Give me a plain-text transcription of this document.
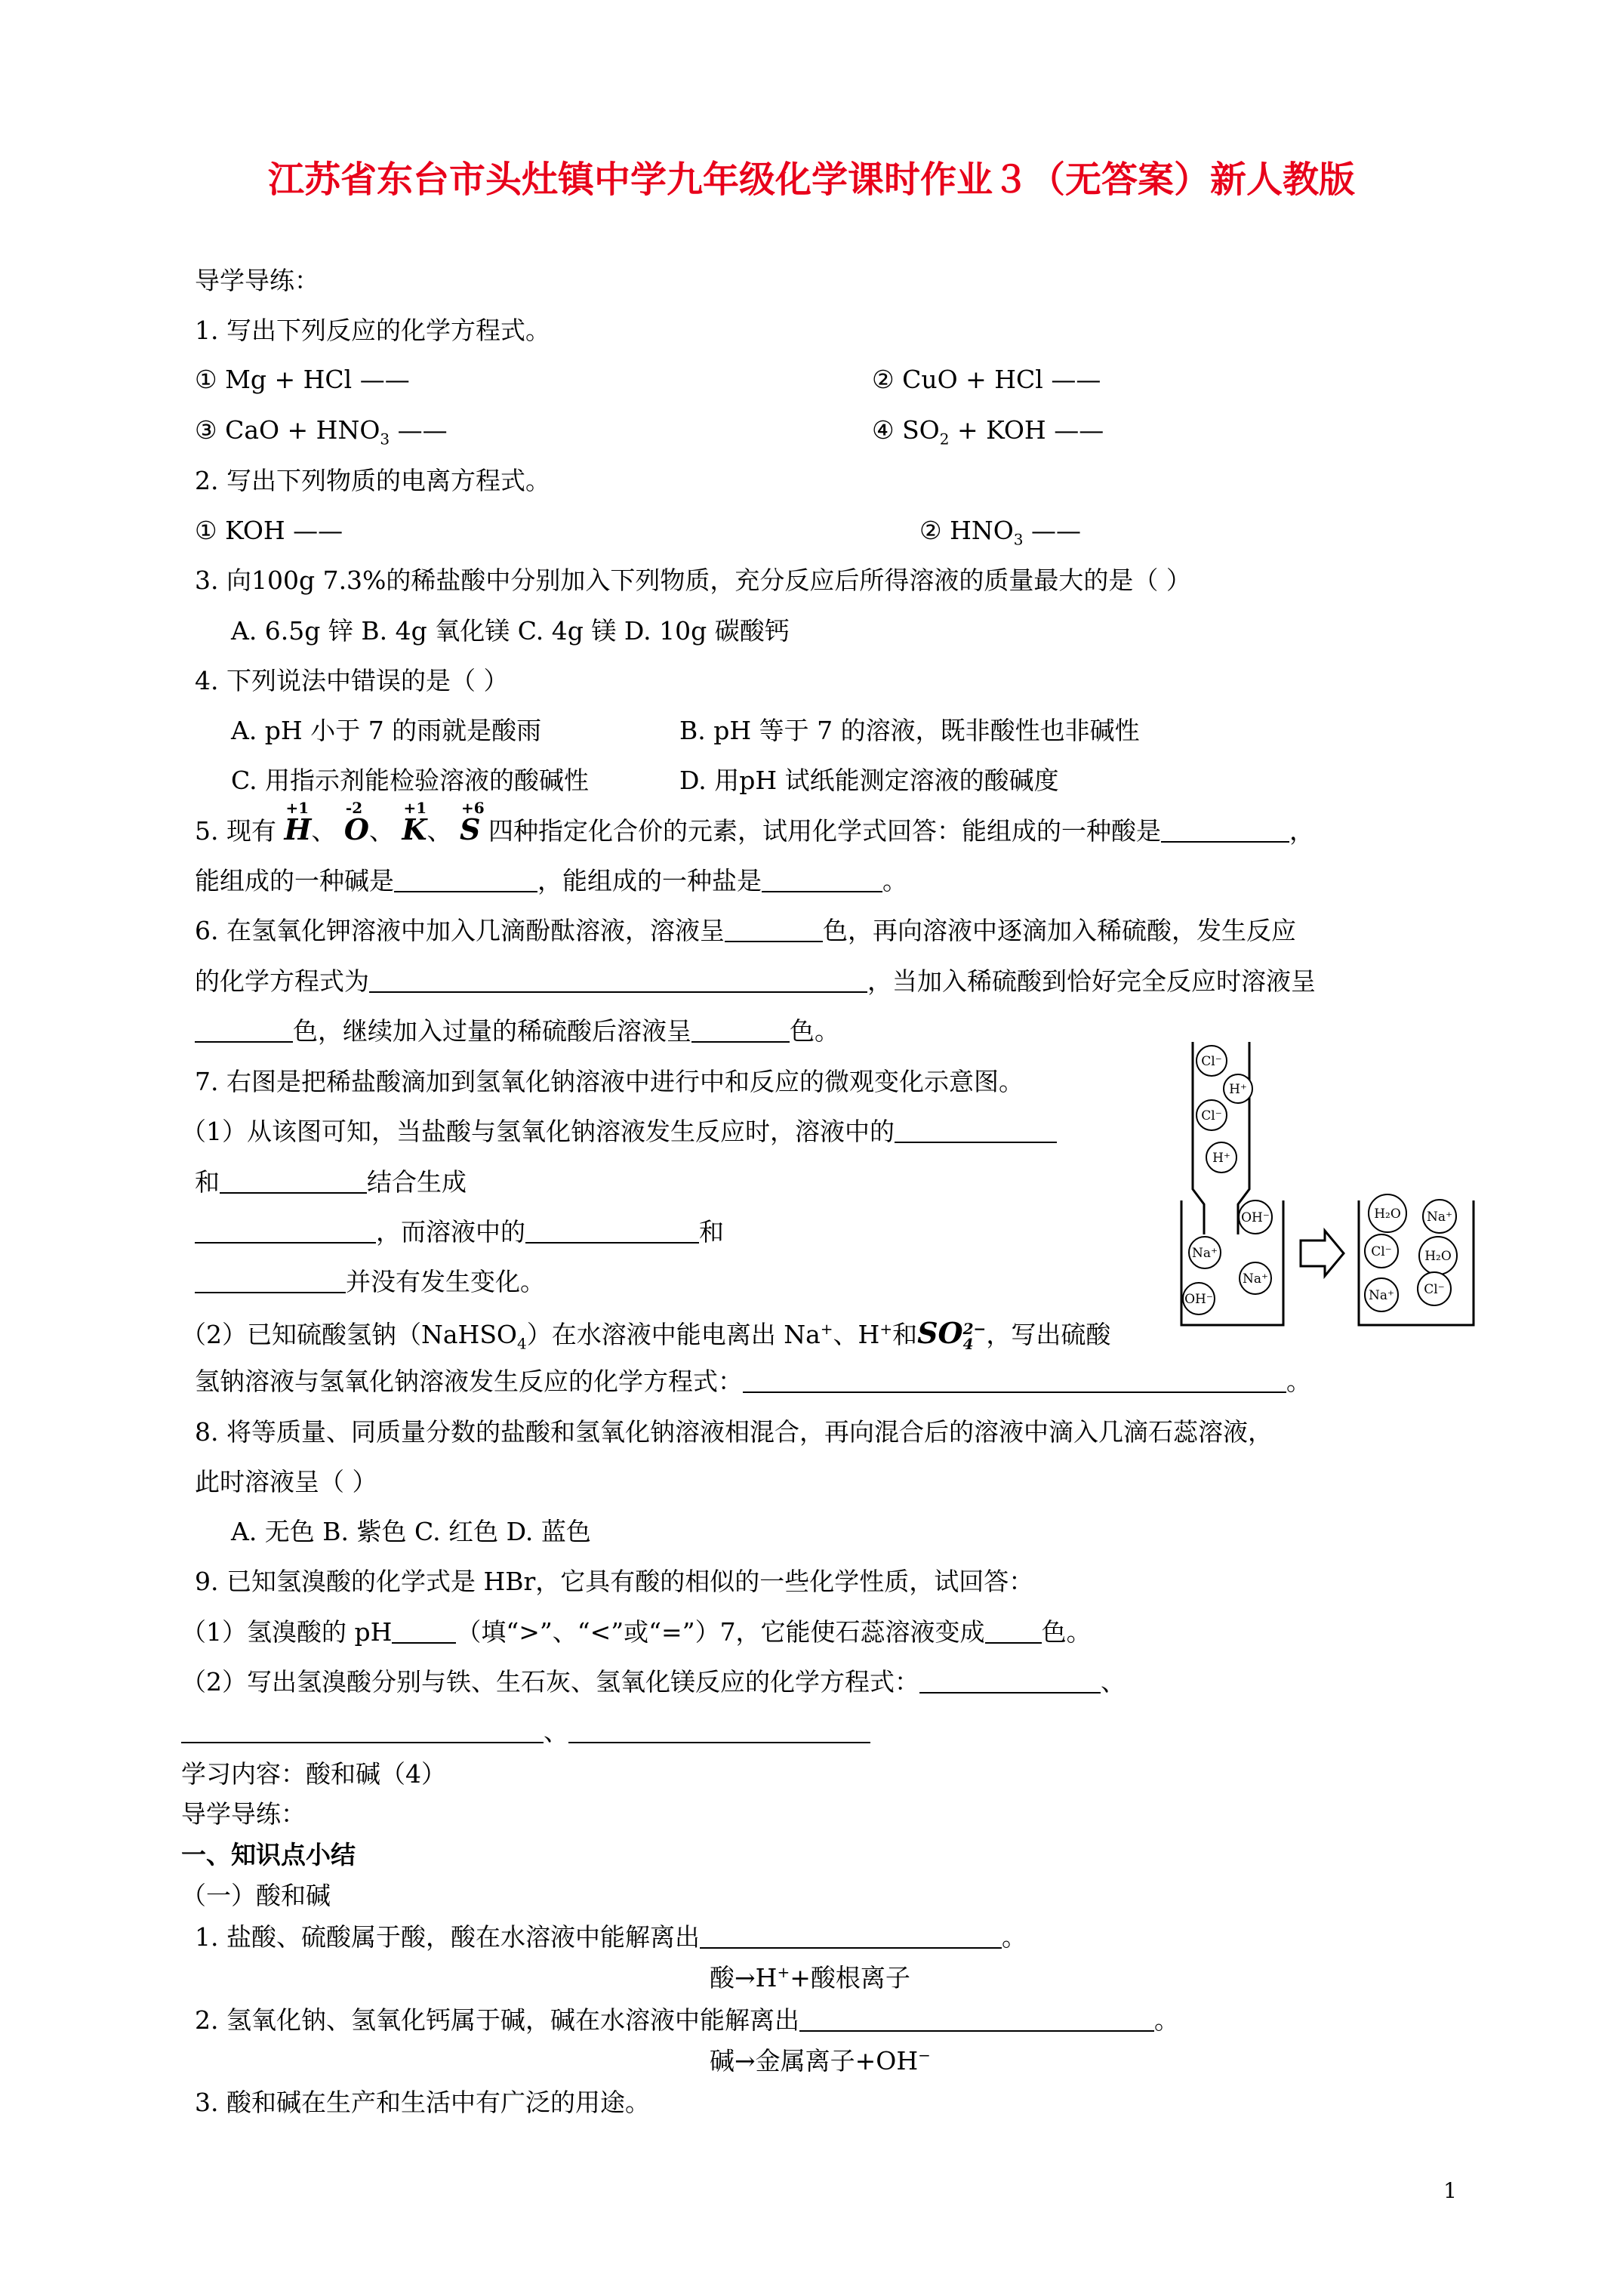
江苏省东台市头灶镇中学九年级化学课时作业３（无答案）新人教版
导学导练：
1. 写出下列反应的化学方程式。
① Mg + HCl ——	② CuO + HCl ——
③ CaO + $HNO_3$ ——	④ $SO_2$ + KOH ——
2. 写出下列物质的电离方程式。
① KOH ——	② $HNO_3$ ——
3. 向100g 7.3%的稀盐酸中分别加入下列物质，充分反应后所得溶液的质量最大的是（ ）
A. 6.5g 锌 B. 4g 氧化镁 C. 4g 镁 D. 10g 碳酸钙
4. 下列说法中错误的是（ ）
A. pH 小于 7 的雨就是酸雨	B. pH 等于 7 的溶液，既非酸性也非碱性
C. 用指示剂能检验溶液的酸碱性	D. 用pH 试纸能测定溶液的酸碱度
5. 现有
+1
H、
-2
O、
+1
K、
+6
S 四种指定化合价的元素，试用化学式回答：能组成的一种酸是	，
能组成的一种碱是	，能组成的一种盐是	。
6. 在氢氧化钾溶液中加入几滴酚酞溶液，溶液呈	色，再向溶液中逐滴加入稀硫酸，发生反应
的化学方程式为	，当加入稀硫酸到恰好完全反应时溶液呈
色，继续加入过量的稀硫酸后溶液呈	色。
7. 右图是把稀盐酸滴加到氢氧化钠溶液中进行中和反应的微观变化示意图。
（1）从该图可知，当盐酸与氢氧化钠溶液发生反应时，溶液中的
和	结合生成
，而溶液中的	和
并没有发生变化。
（2）已知硫酸氢钠（NaHSO$_4$）在水溶液中能电离出 Na+、H+和SO 2−
4 ，写出硫酸
氢钠溶液与氢氧化钠溶液发生反应的化学方程式：	。
Cl⁻
H⁺
Cl⁻
H⁺
OH⁻
Na⁺
Na⁺
OH⁻
H₂O Na⁺
Cl⁻	H₂O
Na⁺ Cl⁻
8. 将等质量、同质量分数的盐酸和氢氧化钠溶液相混合，再向混合后的溶液中滴入几滴石蕊溶液，
此时溶液呈（ ）
A. 无色 B. 紫色 C. 红色 D. 蓝色
9. 已知氢溴酸的化学式是 HBr，它具有酸的相似的一些化学性质，试回答：
（1）氢溴酸的 pH	（填“>”、“<”或“=”）7，它能使石蕊溶液变成 色。
（2）写出氢溴酸分别与铁、生石灰、氢氧化镁反应的化学方程式：	、
、
学习内容：酸和碱（4）
导学导练：
一、知识点小结
（一）酸和碱
1. 盐酸、硫酸属于酸，酸在水溶液中能解离出	。
酸→H++酸根离子
2. 氢氧化钠、氢氧化钙属于碱，碱在水溶液中能解离出	。
碱→金属离子+OH−
3. 酸和碱在生产和生活中有广泛的用途。
1
